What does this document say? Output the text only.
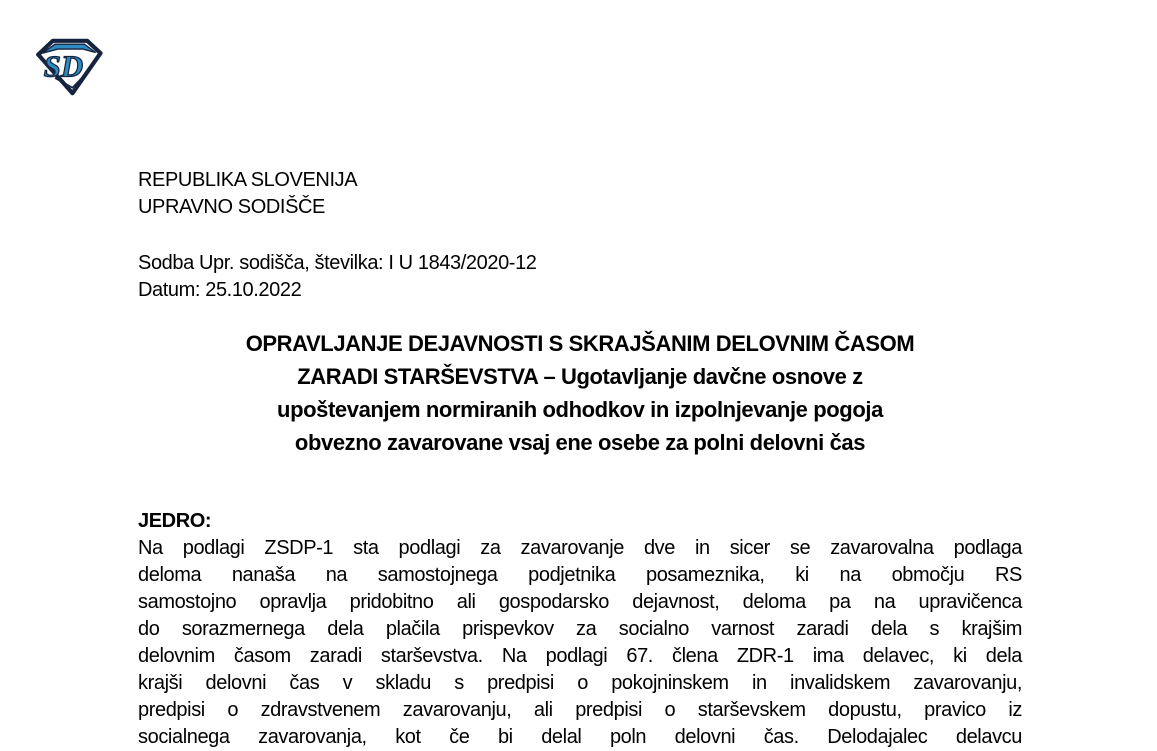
SD
REPUBLIKA SLOVENIJA
UPRAVNO SODIŠČE
Sodba Upr. sodišča, številka: I U 1843/2020-12
Datum: 25.10.2022
OPRAVLJANJE DEJAVNOSTI S SKRAJŠANIM DELOVNIM ČASOM
ZARADI STARŠEVSTVA – Ugotavljanje davčne osnove z
upoštevanjem normiranih odhodkov in izpolnjevanje pogoja
obvezno zavarovane vsaj ene osebe za polni delovni čas
JEDRO:
Na podlagi ZSDP-1 sta podlagi za zavarovanje dve in sicer se zavarovalna podlaga
deloma nanaša na samostojnega podjetnika posameznika, ki na območju RS
samostojno opravlja pridobitno ali gospodarsko dejavnost, deloma pa na upravičenca
do sorazmernega dela plačila prispevkov za socialno varnost zaradi dela s krajšim
delovnim časom zaradi starševstva. Na podlagi 67. člena ZDR-1 ima delavec, ki dela
krajši delovni čas v skladu s predpisi o pokojninskem in invalidskem zavarovanju,
predpisi o zdravstvenem zavarovanju, ali predpisi o starševskem dopustu, pravico iz
socialnega zavarovanja, kot če bi delal poln delovni čas. Delodajalec delavcu
